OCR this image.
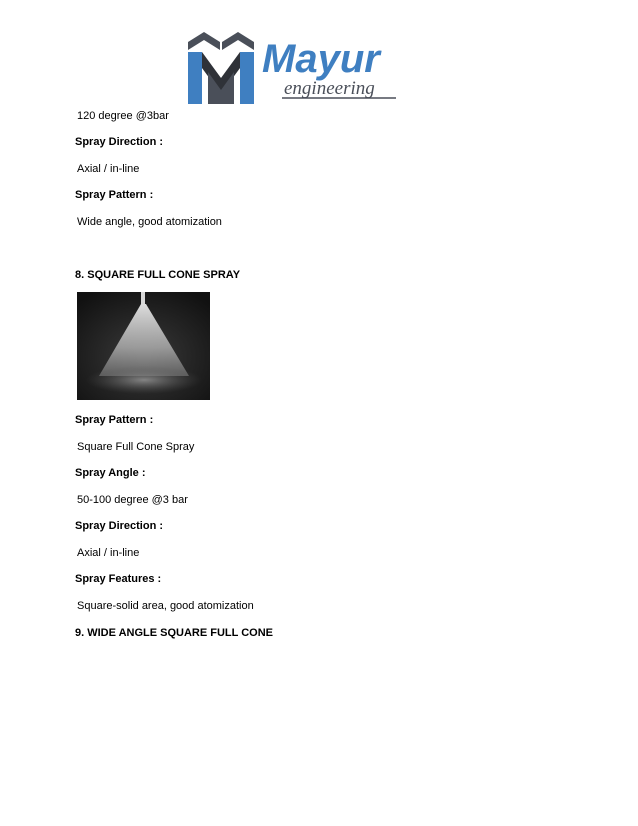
Mayur
engineering
120 degree @3bar
Spray Direction :
Axial / in-line
Spray Pattern :
Wide angle, good atomization
8. SQUARE FULL CONE SPRAY
Spray Pattern :
Square Full Cone Spray
Spray Angle :
50-100 degree @3 bar
Spray Direction :
Axial / in-line
Spray Features :
Square-solid area, good atomization
9. WIDE ANGLE SQUARE FULL CONE
